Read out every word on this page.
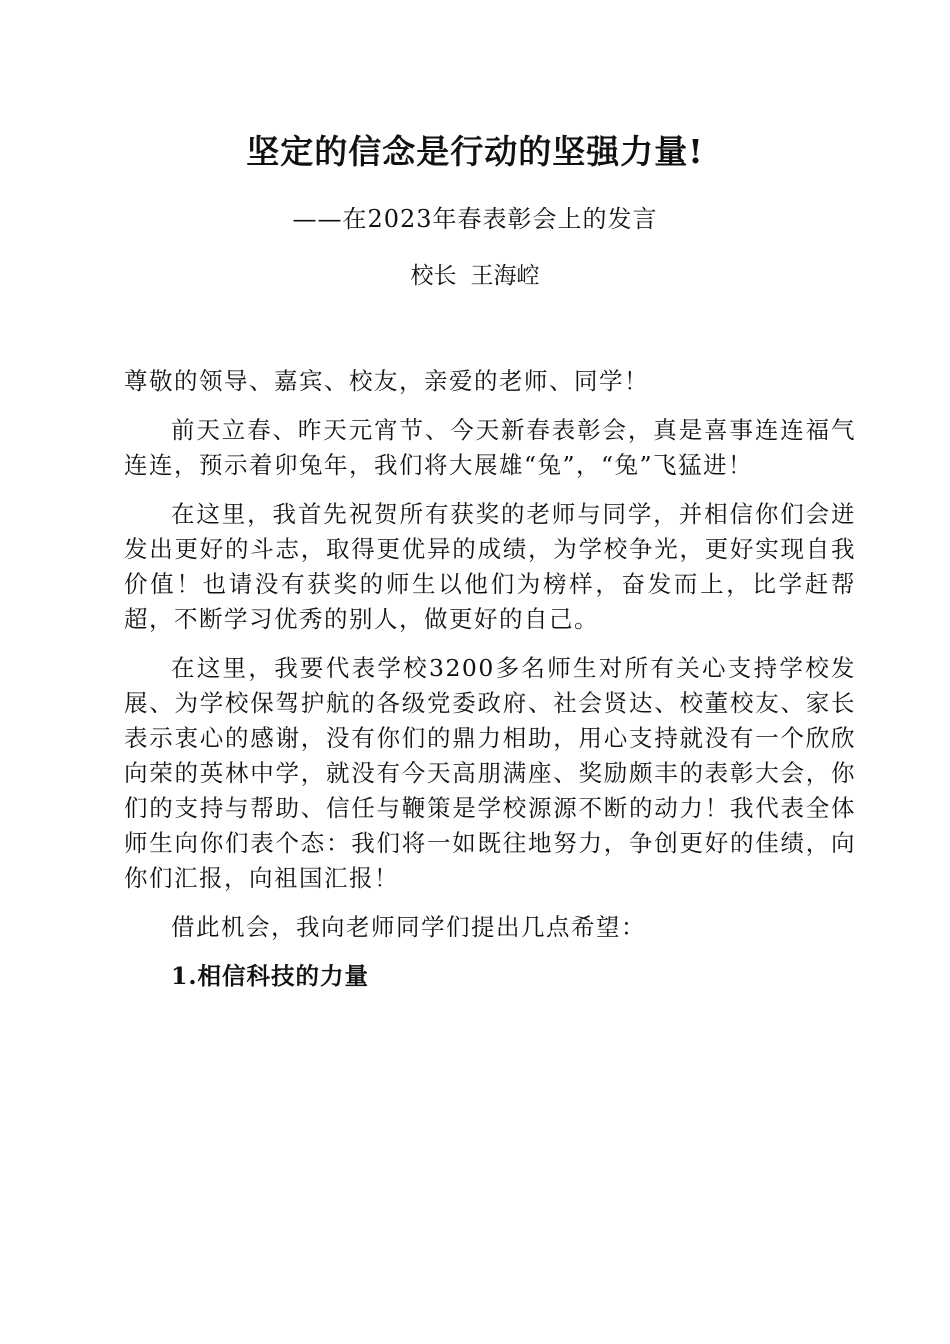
坚定的信念是行动的坚强力量!

——在2023年春表彰会上的发言

校长 王海崆

尊敬的领导、嘉宾、校友，亲爱的老师、同学！

前天立春、昨天元宵节、今天新春表彰会，真是喜事连连福气连连，预示着卯兔年，我们将大展雄“兔”，“兔”飞猛进！

在这里，我首先祝贺所有获奖的老师与同学，并相信你们会迸发出更好的斗志，取得更优异的成绩，为学校争光，更好实现自我价值！也请没有获奖的师生以他们为榜样，奋发而上，比学赶帮超，不断学习优秀的别人，做更好的自己。

在这里，我要代表学校3200多名师生对所有关心支持学校发展、为学校保驾护航的各级党委政府、社会贤达、校董校友、家长表示衷心的感谢，没有你们的鼎力相助，用心支持就没有一个欣欣向荣的英林中学，就没有今天高朋满座、奖励颇丰的表彰大会，你们的支持与帮助、信任与鞭策是学校源源不断的动力！我代表全体师生向你们表个态：我们将一如既往地努力，争创更好的佳绩，向你们汇报，向祖国汇报！

借此机会，我向老师同学们提出几点希望：

1.相信科技的力量
